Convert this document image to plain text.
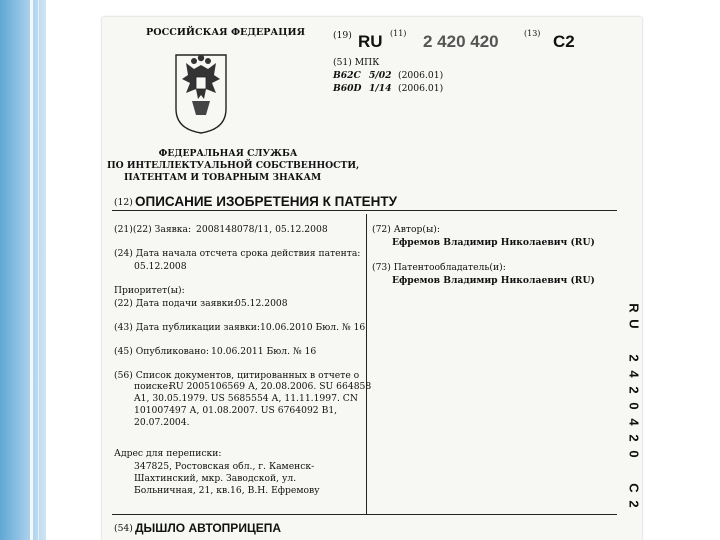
РОССИЙСКАЯ ФЕДЕРАЦИЯ
ФЕДЕРАЛЬНАЯ СЛУЖБА
ПО ИНТЕЛЛЕКТУАЛЬНОЙ СОБСТВЕННОСТИ,
ПАТЕНТАМ И ТОВАРНЫМ ЗНАКАМ
(19) RU (11) 2 420 420	(13) C2
(51) МПК
B62C 5/02 (2006.01)
B60D 1/14 (2006.01)
(12) ОПИСАНИЕ ИЗОБРЕТЕНИЯ К ПАТЕНТУ
(21)(22) Заявка: 2008148078/11, 05.12.2008
(24) Дата начала отсчета срока действия патента:
05.12.2008
Приоритет(ы):
(22) Дата подачи заявки:
05.12.2008
(43) Дата публикации заявки: 10.06.2010 Бюл. № 16
(45) Опубликовано: 10.06.2011 Бюл. № 16
(56) Список документов, цитированных в отчете о
поиске:
RU 2005106569 А, 20.08.2006. SU 664858
A1, 30.05.1979. US 5685554 А, 11.11.1997. CN
101007497 А, 01.08.2007. US 6764092 B1,
20.07.2004.
Адрес для переписки:
347825, Ростовская обл., г. Каменск-
Шахтинский, мкр. Заводской, ул.
Больничная, 21, кв.16, В.Н. Ефремову
(72) Автор(ы):
Ефремов Владимир Николаевич (RU)
(73) Патентообладатель(и):
Ефремов Владимир Николаевич (RU)
(54) ДЫШЛО АВТОПРИЦЕПА
R
U
2
4
2
0
4
2
0
C
2
